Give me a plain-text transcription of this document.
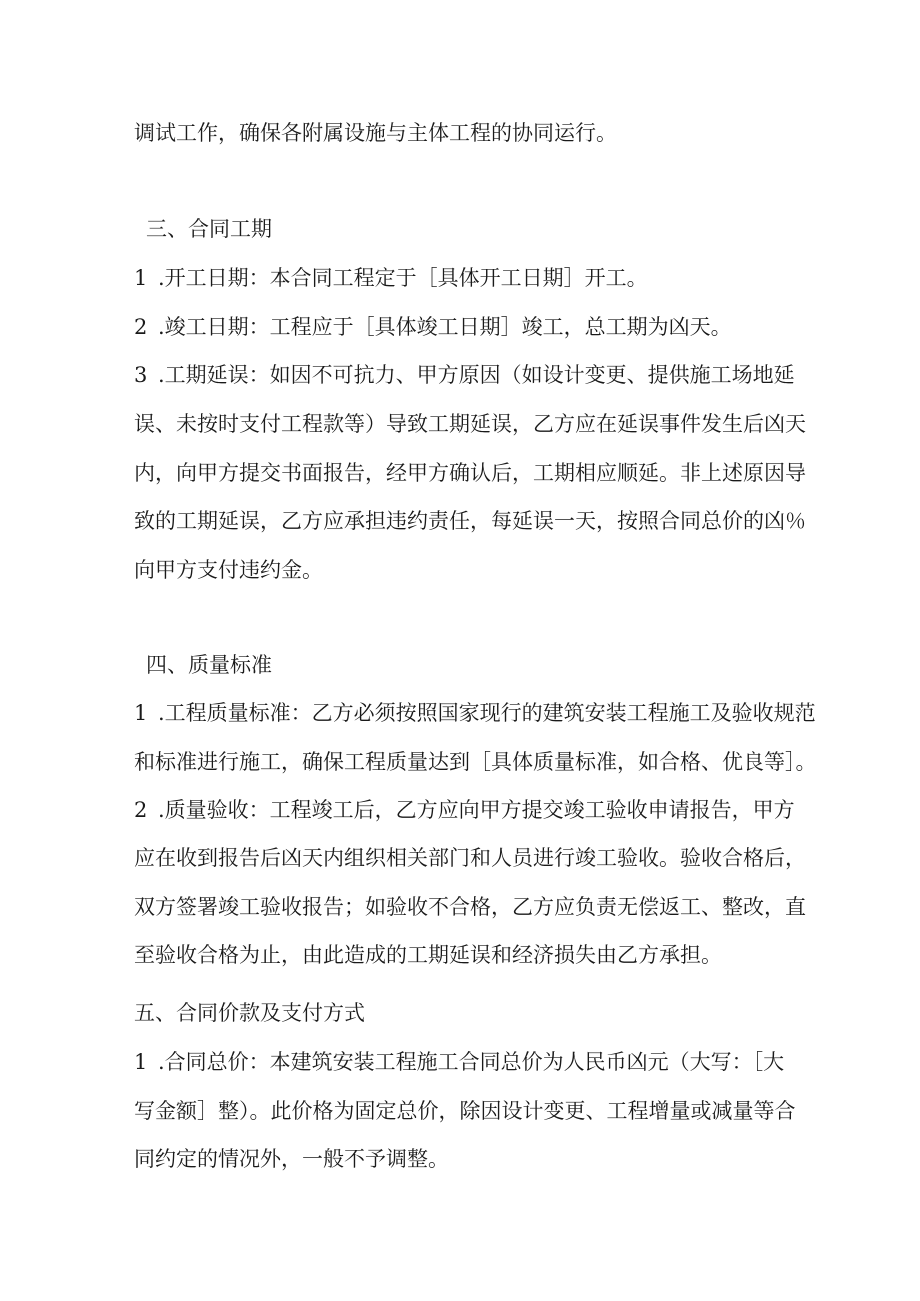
调试工作，确保各附属设施与主体工程的协同运行。
三、合同工期
1 .开工日期：本合同工程定于［具体开工日期］开工。
2 .竣工日期：工程应于［具体竣工日期］竣工，总工期为凶天。
3 .工期延误：如因不可抗力、甲方原因（如设计变更、提供施工场地延
误、未按时支付工程款等）导致工期延误，乙方应在延误事件发生后凶天
内，向甲方提交书面报告，经甲方确认后，工期相应顺延。非上述原因导
致的工期延误，乙方应承担违约责任，每延误一天，按照合同总价的凶％
向甲方支付违约金。
四、质量标准
1 .工程质量标准：乙方必须按照国家现行的建筑安装工程施工及验收规范
和标准进行施工，确保工程质量达到［具体质量标准，如合格、优良等］。
2 .质量验收：工程竣工后，乙方应向甲方提交竣工验收申请报告，甲方
应在收到报告后凶天内组织相关部门和人员进行竣工验收。验收合格后，
双方签署竣工验收报告；如验收不合格，乙方应负责无偿返工、整改，直
至验收合格为止，由此造成的工期延误和经济损失由乙方承担。
五、合同价款及支付方式
1 .合同总价：本建筑安装工程施工合同总价为人民币凶元（大写：［大
写金额］整）。此价格为固定总价，除因设计变更、工程增量或减量等合
同约定的情况外，一般不予调整。
